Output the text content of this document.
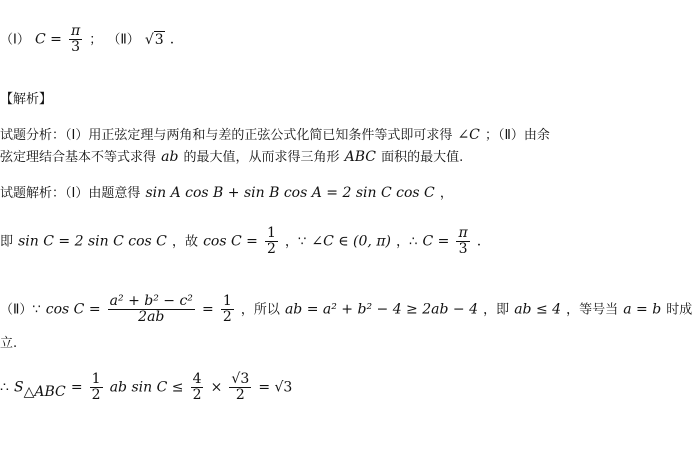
（Ⅰ） $C = \frac{\pi}{3}$ ； （Ⅱ） √3 .
【解析】
试题分析：（Ⅰ）用正弦定理与两角和与差的正弦公式化简已知条件等式即可求得 ∠C ；（Ⅱ）由余
弦定理结合基本不等式求得 ab 的最大值，从而求得三角形 ABC 面积的最大值.
试题解析：（Ⅰ）由题意得 sin A cos B + sin B cos A = 2 sin C cos C ，
即 sin C = 2 sin C cos C ，故 $\cos C = \frac{1}{2}$ ，∵ ∠C ∈ (0, π) ，∴ $C = \frac{\pi}{3}$ .
（Ⅱ）∵ $\cos C = \frac{\text{a² + b² − c²}}{2ab} = \frac{1}{2}$ ，所以 ab = a² + b² − 4 ≥ 2ab − 4 ，即 ab ≤ 4 ，等号当 a = b 时成
立.
∴ $S_{\triangle ABC} = \frac{1}{2}$ ab $\sin C \le \frac{4}{2} \times \frac{√3}{2} = √3$
